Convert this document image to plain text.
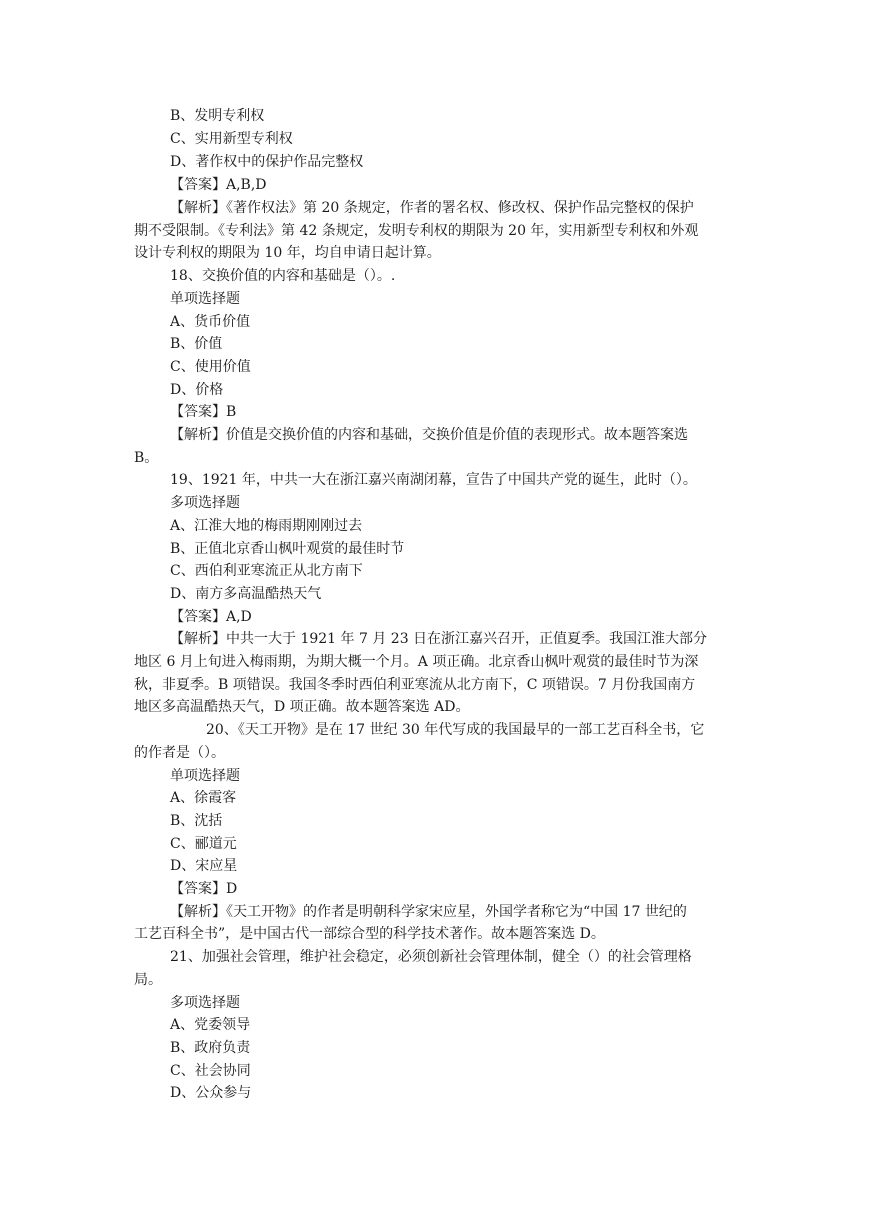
B、发明专利权
C、实用新型专利权
D、著作权中的保护作品完整权
【答案】A,B,D
【解析】《著作权法》第 20 条规定，作者的署名权、修改权、保护作品完整权的保护
期不受限制。《专利法》第 42 条规定，发明专利权的期限为 20 年，实用新型专利权和外观
设计专利权的期限为 10 年，均自申请日起计算。
18、交换价值的内容和基础是（）。.
单项选择题
A、货币价值
B、价值
C、使用价值
D、价格
【答案】B
【解析】价值是交换价值的内容和基础，交换价值是价值的表现形式。故本题答案选
B。
19、1921 年，中共一大在浙江嘉兴南湖闭幕，宣告了中国共产党的诞生，此时（）。
多项选择题
A、江淮大地的梅雨期刚刚过去
B、正值北京香山枫叶观赏的最佳时节
C、西伯利亚寒流正从北方南下
D、南方多高温酷热天气
【答案】A,D
【解析】中共一大于 1921 年 7 月 23 日在浙江嘉兴召开，正值夏季。我国江淮大部分
地区 6 月上旬进入梅雨期，为期大概一个月。A 项正确。北京香山枫叶观赏的最佳时节为深
秋，非夏季。B 项错误。我国冬季时西伯利亚寒流从北方南下，C 项错误。7 月份我国南方
地区多高温酷热天气，D 项正确。故本题答案选 AD。
20、《天工开物》是在 17 世纪 30 年代写成的我国最早的一部工艺百科全书，它
的作者是（）。
单项选择题
A、徐霞客
B、沈括
C、郦道元
D、宋应星
【答案】D
【解析】《天工开物》的作者是明朝科学家宋应星，外国学者称它为“中国 17 世纪的
工艺百科全书”，是中国古代一部综合型的科学技术著作。故本题答案选 D。
21、加强社会管理，维护社会稳定，必须创新社会管理体制，健全（）的社会管理格
局。
多项选择题
A、党委领导
B、政府负责
C、社会协同
D、公众参与
